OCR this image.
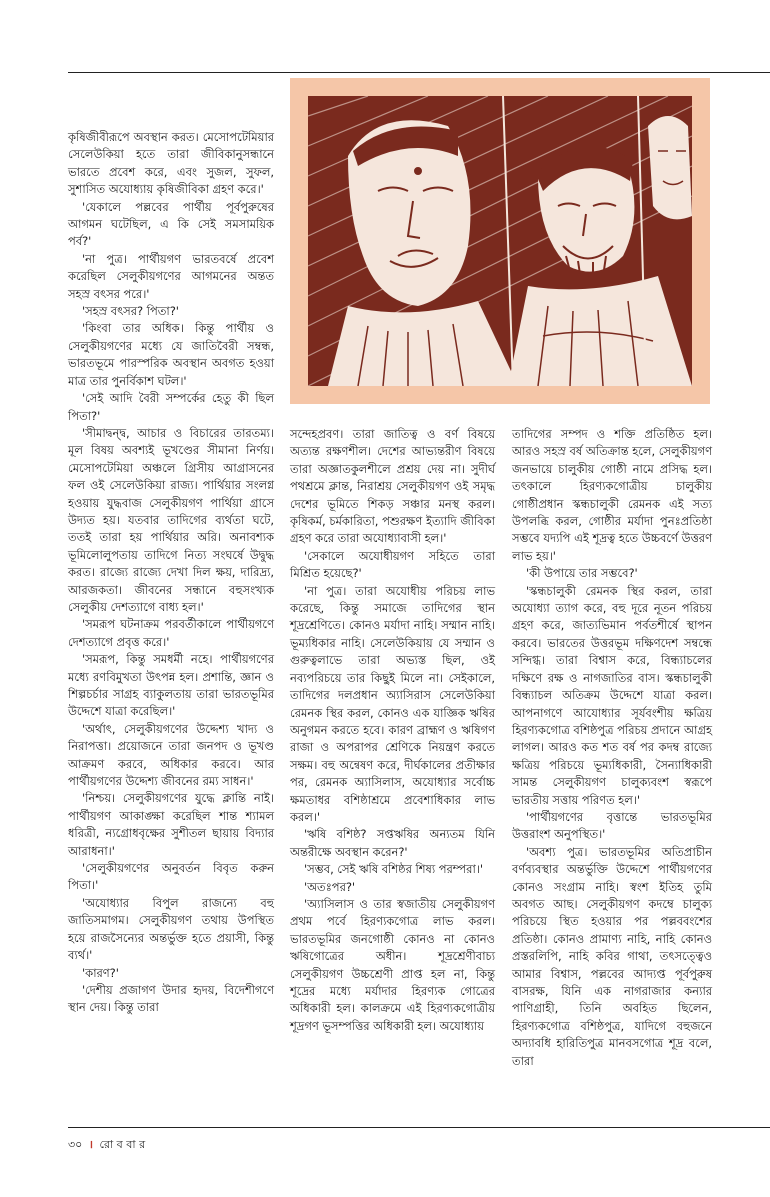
কৃষিজীবীরূপে অবস্থান করত। মেসোপটেমিয়ার সেলেউকিয়া হতে তারা জীবিকানুসন্ধানে ভারতে প্রবেশ করে, এবং সুজল, সুফল, সুশাসিত অযোধ্যায় কৃষিজীবিকা গ্রহণ করে।'

'যেকালে পল্লবের পার্থীয় পূর্বপুরুষের আগমন ঘটেছিল, এ কি সেই সমসাময়িক পর্ব?'

'না পুত্র। পার্থীয়গণ ভারতবর্ষে প্রবেশ করেছিল সেলুকীয়গণের আগমনের অন্তত সহস্র বৎসর পরে।'

'সহস্র বৎসর? পিতা?'

'কিংবা তার অধিক। কিন্তু পার্থীয় ও সেলুকীয়গণের মধ্যে যে জাতিবৈরী সম্বন্ধ, ভারতভূমে পারস্পরিক অবস্থান অবগত হওয়া মাত্র তার পুনর্বিকাশ ঘটল।'

'সেই আদি বৈরী সম্পর্কের হেতু কী ছিল পিতা?'

'সীমাদ্বন্দ্ব, আচার ও বিচারের তারতম্য। মূল বিষয় অবশ্যই ভূখণ্ডের সীমানা নির্ণয়। মেসোপটেমিয়া অঞ্চলে গ্রিসীয় আগ্রাসনের ফল ওই সেলেউকিয়া রাজ্য। পার্থিয়ার সংলগ্ন হওয়ায় যুদ্ধবাজ সেলুকীয়গণ পার্থিয়া গ্রাসে উদ্যত হয়। যতবার তাদিগের ব্যর্থতা ঘটে, ততই তারা হয় পার্থিয়ার অরি। অনাবশ্যক ভূমিলোলুপতায় তাদিগে নিত্য সংঘর্ষে উদ্বুদ্ধ করত। রাজ্যে রাজ্যে দেখা দিল ক্ষয়, দারিদ্র্য, আরজকতা। জীবনের সন্ধানে বহুসংখ্যক সেলুকীয় দেশত্যাগে বাধ্য হল।'

'সমরূপ ঘটনাক্রম পরবর্তীকালে পার্থীয়গণে দেশত্যাগে প্রবৃত্ত করে।'

'সমরূপ, কিন্তু সমধর্মী নহে। পার্থীয়গণের মধ্যে রণবিমুখতা উৎপন্ন হল। প্রশান্তি, জ্ঞান ও শিল্পচর্চার সাগ্রহ ব্যাকুলতায় তারা ভারতভূমির উদ্দেশে যাত্রা করেছিল।'

'অর্থাৎ, সেলুকীয়গণের উদ্দেশ্য খাদ্য ও নিরাপত্তা। প্রয়োজনে তারা জনপদ ও ভূখণ্ড আক্রমণ করবে, অধিকার করবে। আর পার্থীয়গণের উদ্দেশ্য জীবনের রম্য সাধন।'

'নিশ্চয়। সেলুকীয়গণের যুদ্ধে ক্লান্তি নাই। পার্থীয়গণ আকাঙ্ক্ষা করেছিল শান্ত শ্যামল ধরিত্রী, ন্যগ্রোধবৃক্ষের সুশীতল ছায়ায় বিদ্যার আরাধনা।'

'সেলুকীয়গণের অনুবর্তন বিবৃত করুন পিতা।'

'অযোধ্যার বিপুল রাজন্যে বহু জাতিসমাগম। সেলুকীয়গণ তথায় উপস্থিত হয়ে রাজসৈন্যের অন্তর্ভুক্ত হতে প্রয়াসী, কিন্তু ব্যর্থ।'

'কারণ?'

'দেশীয় প্রজাগণ উদার হৃদয়, বিদেশীগণে স্থান দেয়। কিন্তু তারা

সন্দেহপ্রবণ। তারা জাতিত্ব ও বর্ণ বিষয়ে অত্যন্ত রক্ষণশীল। দেশের আভ্যন্তরীণ বিষয়ে তারা অজ্ঞাতকুলশীলে প্রশ্রয় দেয় না। সুদীর্ঘ পথশ্রমে ক্লান্ত, নিরাশ্রয় সেলুকীয়গণ ওই সমৃদ্ধ দেশের ভূমিতে শিকড় সঞ্চার মনস্থ করল। কৃষিকর্ম, চর্মকারিতা, পশুরক্ষণ ইত্যাদি জীবিকা গ্রহণ করে তারা অযোধ্যাবাসী হল।'

'সেকালে অযোধীয়গণ সহিতে তারা মিশ্রিত হয়েছে?'

'না পুত্র। তারা অযোধীয় পরিচয় লাভ করেছে, কিন্তু সমাজে তাদিগের স্থান শূদ্রশ্রেণিতে। কোনও মর্যাদা নাহি। সম্মান নাহি। ভূম্যধিকার নাহি। সেলেউকিয়ায় যে সম্মান ও গুরুত্বলাভে তারা অভ্যস্ত ছিল, ওই নব্যপরিচয়ে তার কিছুই মিলে না। সেইকালে, তাদিগের দলপ্রধান অ্যাসিরাস সেলেউকিয়া রেমনক স্থির করল, কোনও এক যাজ্ঞিক ঋষির অনুগমন করতে হবে। কারণ ব্রাহ্মণ ও ঋষিগণ রাজা ও অপরাপর শ্রেণিকে নিয়ন্ত্রণ করতে সক্ষম। বহু অন্বেষণ করে, দীর্ঘকালের প্রতীক্ষার পর, রেমনক অ্যাসিলাস, অযোধ্যার সর্বোচ্চ ক্ষমতাধর বশিষ্ঠাশ্রমে প্রবেশাধিকার লাভ করল।'

'ঋষি বশিষ্ঠ? সপ্তঋষির অন্যতম যিনি অন্তরীক্ষে অবস্থান করেন?'

'সম্ভব, সেই ঋষি বশিষ্ঠর শিষ্য পরম্পরা।'

'অতঃপর?'

'অ্যাসিলাস ও তার স্বজাতীয় সেলুকীয়গণ প্রথম পর্বে হিরণ্যকগোত্র লাভ করল। ভারতভূমির জনগোষ্ঠী কোনও না কোনও ঋষিগোত্রের অধীন। শূদ্রশ্রেণীবাচ্য সেলুকীয়গণ উচ্চশ্রেণী প্রাপ্ত হল না, কিন্তু শূদ্রের মধ্যে মর্যাদার হিরণ্যক গোত্রের অধিকারী হল। কালক্রমে এই হিরণ্যকগোত্রীয় শূদ্রগণ ভূসম্পত্তির অধিকারী হল। অযোধ্যায়

তাদিগের সম্পদ ও শক্তি প্রতিষ্ঠিত হল। আরও সহস্র বর্ষ অতিক্রান্ত হলে, সেলুকীয়গণ জনভায়ে চালুকীয় গোষ্ঠী নামে প্রসিদ্ধ হল। তৎকালে হিরণ্যকগোত্রীয় চালুকীয় গোষ্ঠীপ্রধান স্কন্ধচালুকী রেমনক এই সত্য উপলব্ধি করল, গোষ্ঠীর মর্যাদা পুনঃপ্রতিষ্ঠা সম্ভবে যদ্যপি এই শূদ্রত্ব হতে উচ্চবর্ণে উত্তরণ লাভ হয়।'

'কী উপায়ে তার সম্ভবে?'

'স্কন্ধচালুকী রেমনক স্থির করল, তারা অযোধ্যা ত্যাগ করে, বহু দূরে নূতন পরিচয় গ্রহণ করে, জাত্যভিমান পর্বতশীর্ষে স্থাপন করবে। ভারতের উত্তরভূম দক্ষিণদেশ সম্বন্ধে সন্দিগ্ধ। তারা বিশ্বাস করে, বিন্ধ্যাচলের দক্ষিণে রক্ষ ও নাগজাতির বাস। স্কন্ধচালুকী বিন্ধ্যাচল অতিক্রম উদ্দেশে যাত্রা করল। আপনাগণে আযোধ্যার সূর্যবংশীয় ক্ষত্রিয় হিরণ্যকগোত্র বশিষ্ঠপুত্র পরিচয় প্রদানে আগ্রহ লাগল। আরও কত শত বর্ষ পর কদম্ব রাজ্যে ক্ষত্রিয় পরিচয়ে ভূম্যধিকারী, সৈন্যাধিকারী সামন্ত সেলুকীয়গণ চালুক্যবংশ স্বরূপে ভারতীয় সত্তায় পরিণত হল।'

'পার্থীয়গণের বৃত্তান্তে ভারতভূমির উত্তরাংশ অনুপস্থিত।'

'অবশ্য পুত্র। ভারতভূমির অতিপ্রাচীন বর্ণব্যবস্থার অন্তর্ভুক্তি উদ্দেশে পার্থীয়গণের কোনও সংগ্রাম নাহি। স্বংশ ইতিহ তুমি অবগত আছ। সেলুকীয়গণ কদম্বে চালুক্য পরিচয়ে স্থিত হওয়ার পর পল্লববংশের প্রতিষ্ঠা। কোনও প্রামাণ্য নাহি, নাহি কোনও প্রস্তরলিপি, নাহি কবির গাথা, তৎসত্ত্বেও আমার বিশ্বাস, পল্লবের আদ্যপ্ত পূর্বপুরুষ বাসরক্ষ, যিনি এক নাগরাজার কন্যার পাণিগ্রাহী, তিনি অবহিত ছিলেন, হিরণ্যকগোত্র বশিষ্ঠপুত্র, যাদিগে বহুজনে অদ্যাবধি হারিতিপুত্র মানবসগোত্র শূদ্র বলে, তারা

৩০ । রো ব বা র
